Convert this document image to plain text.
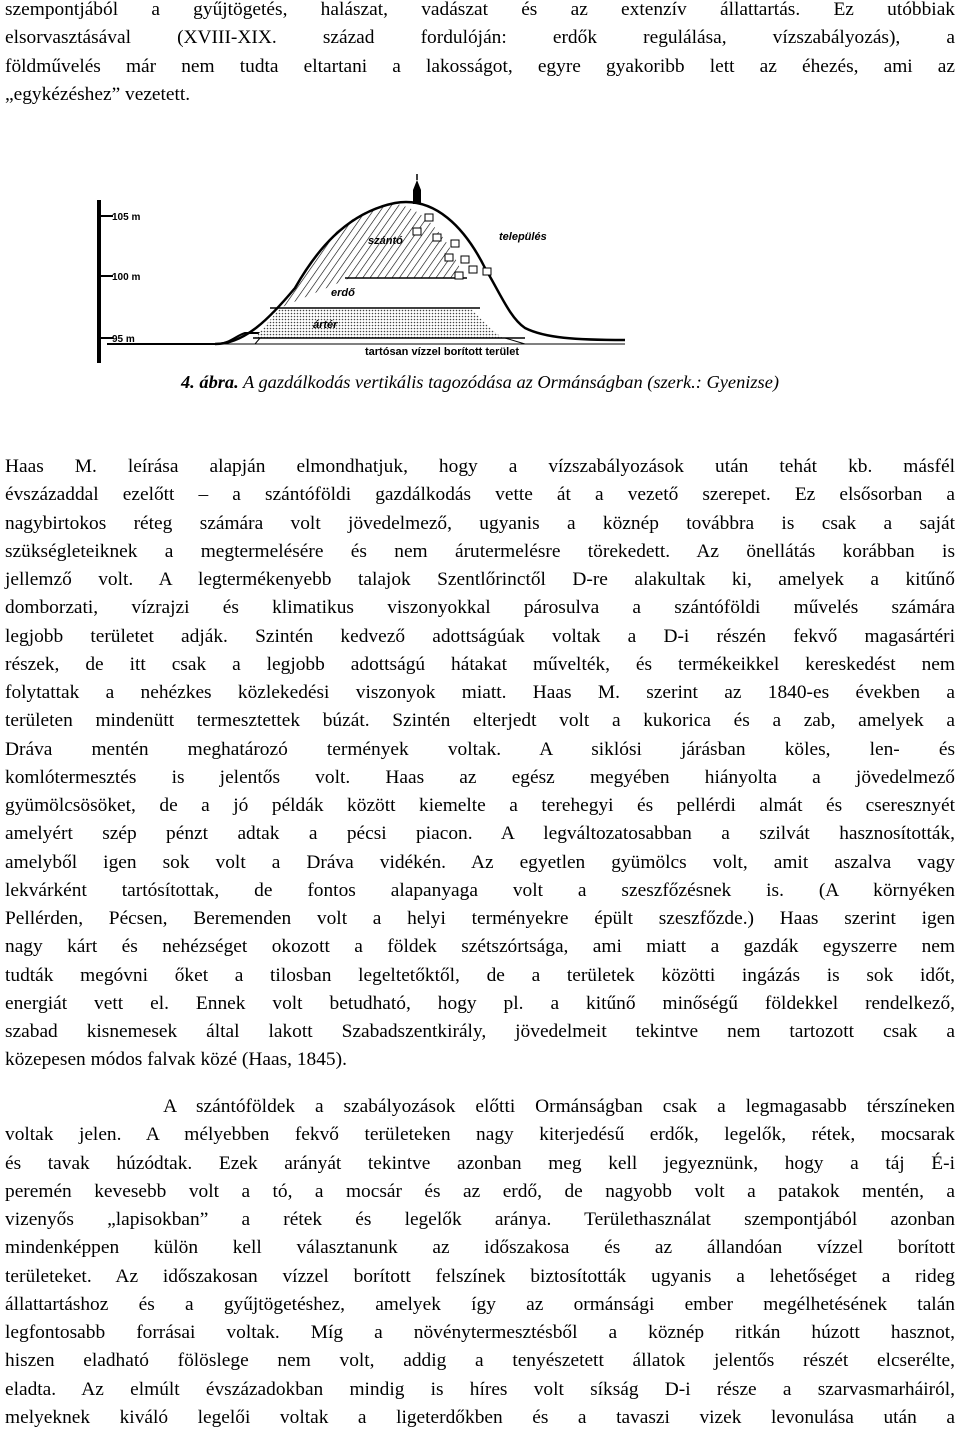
szempontjából a gyűjtögetés, halászat, vadászat és az extenzív állattartás. Ez utóbbiak
elsorvasztásával (XVIII-XIX. század fordulóján: erdők regulálása, vízszabályozás), a
földművelés már nem tudta eltartani a lakosságot, egyre gyakoribb lett az éhezés, ami az
„egykézéshez” vezetett.
105 m
100 m
95 m
szántó	település
erdő
ártér
tartósan vízzel borított terület
4. ábra. A gazdálkodás vertikális tagozódása az Ormánságban (szerk.: Gyenizse)
Haas M. leírása alapján elmondhatjuk, hogy a vízszabályozások után tehát kb. másfél
évszázaddal ezelőtt – a szántóföldi gazdálkodás vette át a vezető szerepet. Ez elsősorban a
nagybirtokos réteg számára volt jövedelmező, ugyanis a köznép továbbra is csak a saját
szükségleteiknek a megtermelésére és nem árutermelésre törekedett. Az önellátás korábban is
jellemző volt. A legtermékenyebb talajok Szentlőrinctől D-re alakultak ki, amelyek a kitűnő
domborzati, vízrajzi és klimatikus viszonyokkal párosulva a szántóföldi művelés számára
legjobb területet adják. Szintén kedvező adottságúak voltak a D-i részén fekvő magasártéri
részek, de itt csak a legjobb adottságú hátakat művelték, és termékeikkel kereskedést nem
folytattak a nehézkes közlekedési viszonyok miatt. Haas M. szerint az 1840-es években a
területen mindenütt termesztettek búzát. Szintén elterjedt volt a kukorica és a zab, amelyek a
Dráva mentén meghatározó termények voltak. A siklósi járásban köles, len- és
komlótermesztés is jelentős volt. Haas az egész megyében hiányolta a jövedelmező
gyümölcsösöket, de a jó példák között kiemelte a terehegyi és pellérdi almát és cseresznyét
amelyért szép pénzt adtak a pécsi piacon. A legváltozatosabban a szilvát hasznosították,
amelyből igen sok volt a Dráva vidékén. Az egyetlen gyümölcs volt, amit aszalva vagy
lekvárként tartósítottak, de fontos alapanyaga volt a szeszfőzésnek is. (A környéken
Pellérden, Pécsen, Beremenden volt a helyi terményekre épült szeszfőzde.) Haas szerint igen
nagy kárt és nehézséget okozott a földek szétszórtsága, ami miatt a gazdák egyszerre nem
tudták megóvni őket a tilosban legeltetőktől, de a területek közötti ingázás is sok időt,
energiát vett el. Ennek volt betudható, hogy pl. a kitűnő minőségű földekkel rendelkező,
szabad kisnemesek által lakott Szabadszentkirály, jövedelmeit tekintve nem tartozott csak a
közepesen módos falvak közé (Haas, 1845).
A szántóföldek a szabályozások előtti Ormánságban csak a legmagasabb térszíneken
voltak jelen. A mélyebben fekvő területeken nagy kiterjedésű erdők, legelők, rétek, mocsarak
és tavak húzódtak. Ezek arányát tekintve azonban meg kell jegyeznünk, hogy a táj É-i
peremén kevesebb volt a tó, a mocsár és az erdő, de nagyobb volt a patakok mentén, a
vizenyős „lapisokban” a rétek és legelők aránya. Területhasználat szempontjából azonban
mindenképpen külön kell választanunk az időszakosa és az állandóan vízzel borított
területeket. Az időszakosan vízzel borított felszínek biztosították ugyanis a lehetőséget a rideg
állattartáshoz és a gyűjtögetéshez, amelyek így az ormánsági ember megélhetésének talán
legfontosabb forrásai voltak. Míg a növénytermesztésből a köznép ritkán húzott hasznot,
hiszen eladható fölöslege nem volt, addig a tenyészetett állatok jelentős részét elcserélte,
eladta. Az elmúlt évszázadokban mindig is híres volt síkság D-i része a szarvasmarháiról,
melyeknek kiváló legelői voltak a ligeterdőkben és a tavaszi vizek levonulása után a
